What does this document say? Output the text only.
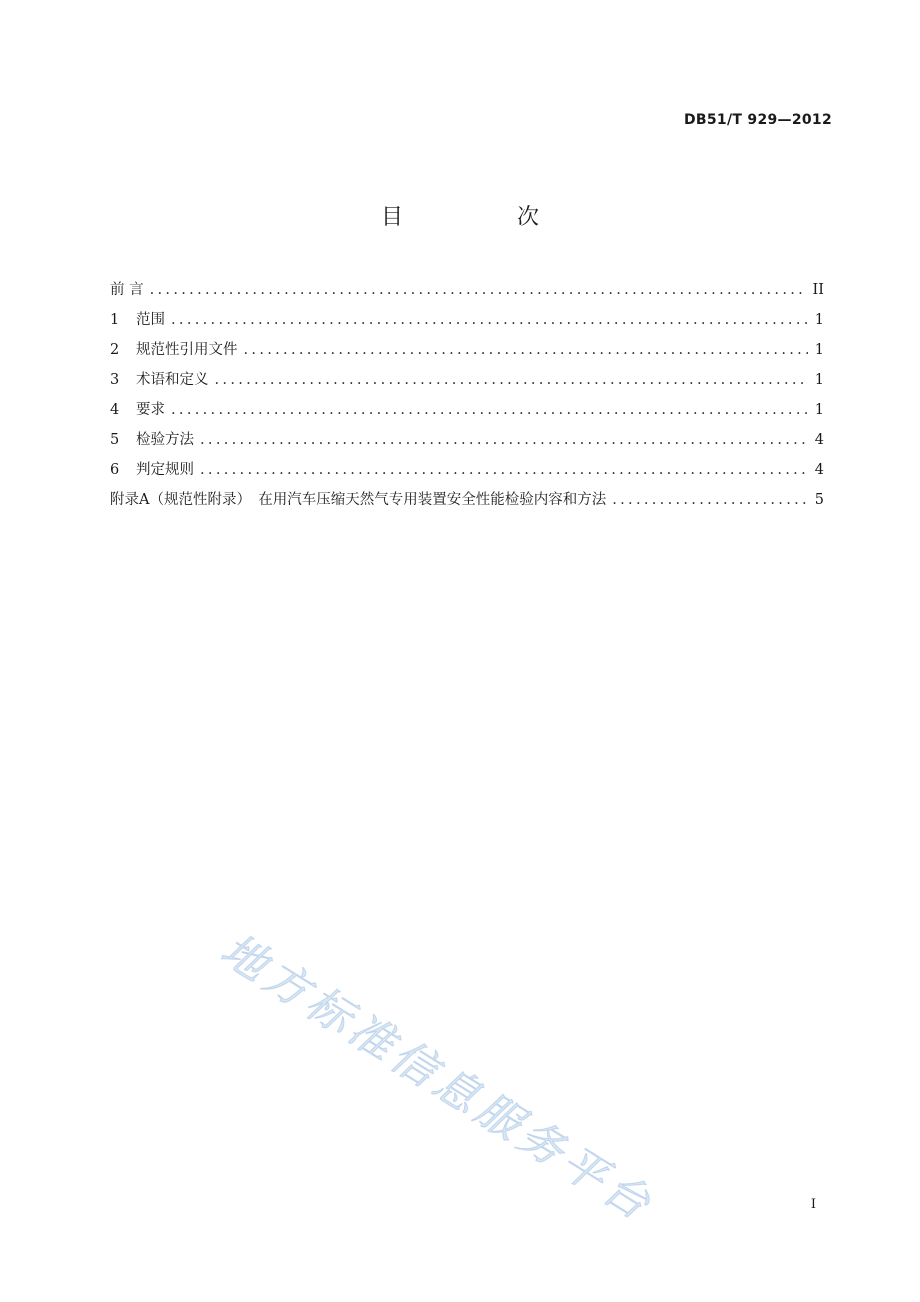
DB51/T 929—2012
目　次
前 言 .....	II
1	范围 .....	1
2	规范性引用文件 .....	1
3	术语和定义 .....	1
4	要求 .....	1
5	检验方法 .....	4
6	判定规则 .....	4
附录A（规范性附录）　在用汽车压缩天然气专用装置安全性能检验内容和方法 .....	5
地方标准信息服务平台	I
